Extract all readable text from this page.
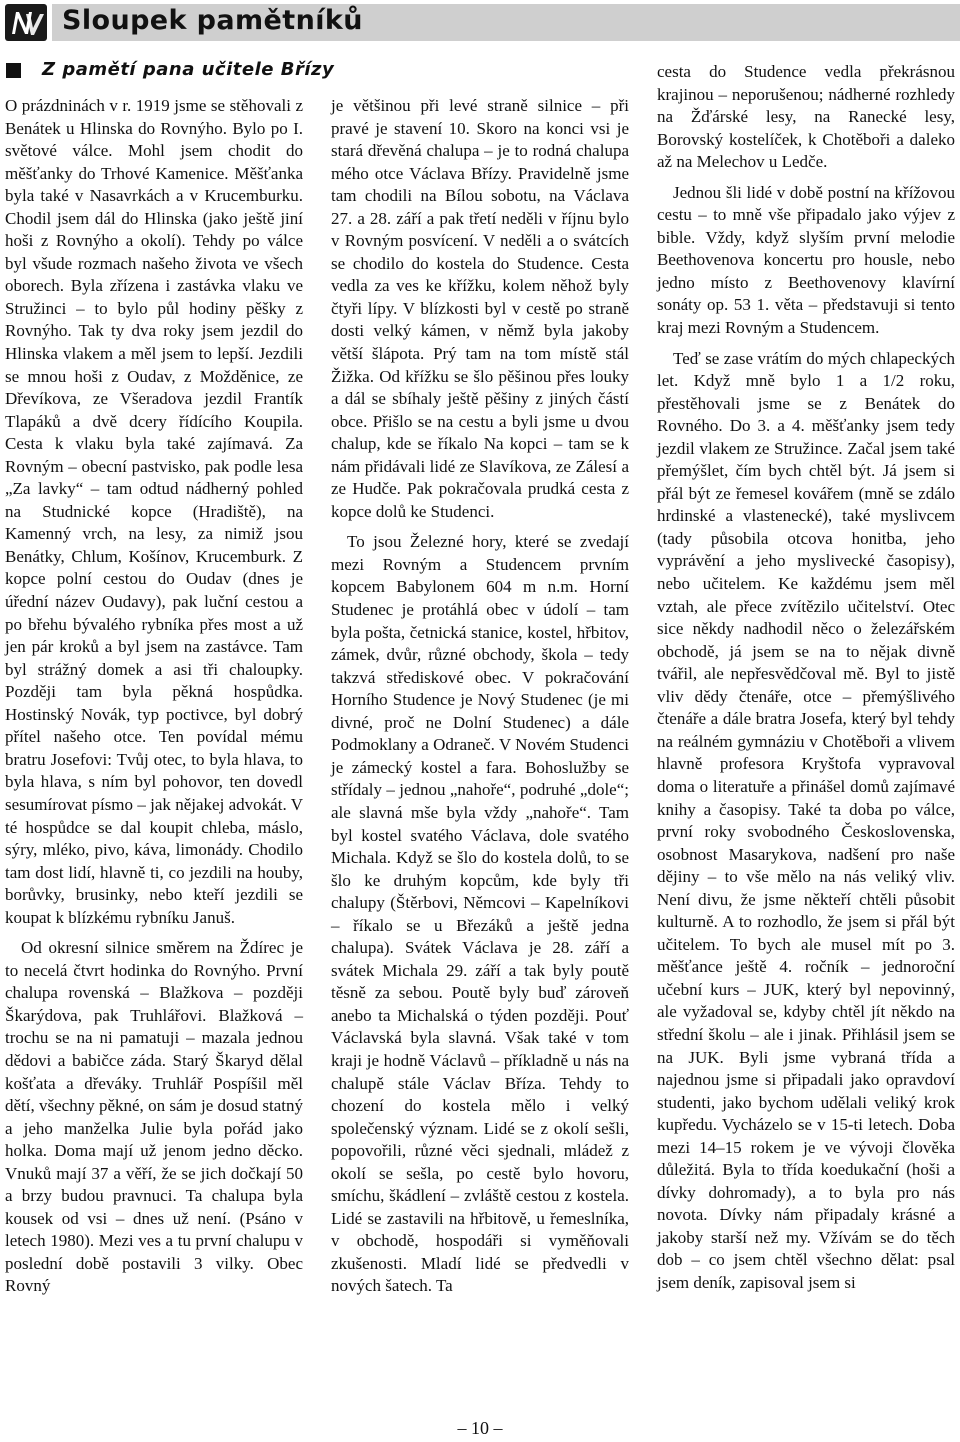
Sloupek pamětníků
Z pamětí pana učitele Břízy

O prázdninách v r. 1919 jsme se stěhovali z Benátek u Hlinska do Rovnýho. Bylo po I. světové válce. Mohl jsem chodit do měšťanky do Trhové Kamenice. Měšťanka byla také v Nasavrkách a v Krucemburku. Chodil jsem dál do Hlinska (jako ještě jiní hoši z Rovnýho a okolí). Tehdy po válce byl všude rozmach našeho života ve všech oborech. Byla zřízena i zastávka vlaku ve Stružinci – to bylo půl hodiny pěšky z Rovnýho. Tak ty dva roky jsem jezdil do Hlinska vlakem a měl jsem to lepší. Jezdili se mnou hoši z Oudav, z Možděnice, ze Dřevíkova, ze Všeradova jezdil Frantík Tlapáků a dvě dcery řídícího Koupila. Cesta k vlaku byla také zajímavá. Za Rovným – obecní pastvisko, pak podle lesa „Za lavky“ – tam odtud nádherný pohled na Studnické kopce (Hradiště), na Kamenný vrch, na lesy, za nimiž jsou Benátky, Chlum, Košínov, Krucemburk. Z kopce polní cestou do Oudav (dnes je úřední název Oudavy), pak luční cestou a po břehu bývalého rybníka přes most a už jen pár kroků a byl jsem na zastávce. Tam byl strážný domek a asi tři chaloupky. Později tam byla pěkná hospůdka. Hostinský Novák, typ poctivce, byl dobrý přítel našeho otce. Ten povídal mému bratru Josefovi: Tvůj otec, to byla hlava, to byla hlava, s ním byl pohovor, ten dovedl sesumírovat písmo – jak nějakej advokát. V té hospůdce se dal koupit chleba, máslo, sýry, mléko, pivo, káva, limonády. Chodilo tam dost lidí, hlavně ti, co jezdili na houby, borůvky, brusinky, nebo kteří jezdili se koupat k blízkému rybníku Januš.

Od okresní silnice směrem na Ždírec je to necelá čtvrt hodinka do Rovnýho. První chalupa rovenská – Blažkova – později Škarýdova, pak Truhlářovi. Blažková – trochu se na ni pamatuji – mazala jednou dědovi a babičce záda. Starý Škaryd dělal košťata a dřeváky. Truhlář Pospíšil měl dětí, všechny pěkné, on sám je dosud statný a jeho manželka Julie byla pořád jako holka. Doma mají už jenom jedno děcko. Vnuků mají 37 a věří, že se jich dočkají 50 a brzy budou pravnuci. Ta chalupa byla kousek od vsi – dnes už není. (Psáno v letech 1980). Mezi ves a tu první chalupu v poslední době postavili 3 vilky. Obec Rovný

je většinou při levé straně silnice – při pravé je stavení 10. Skoro na konci vsi je stará dřevěná chalupa – je to rodná chalupa mého otce Václava Břízy. Pravidelně jsme tam chodili na Bílou sobotu, na Václava 27. a 28. září a pak třetí neděli v říjnu bylo v Rovným posvícení. V neděli a o svátcích se chodilo do kostela do Studence. Cesta vedla za ves ke křížku, kolem něhož byly čtyři lípy. V blízkosti byl v cestě po straně dosti velký kámen, v němž byla jakoby větší šlápota. Prý tam na tom místě stál Žižka. Od křížku se šlo pěšinou přes louky a dál se sbíhaly ještě pěšiny z jiných částí obce. Přišlo se na cestu a byli jsme u dvou chalup, kde se říkalo Na kopci – tam se k nám přidávali lidé ze Slavíkova, ze Zálesí a ze Hudče. Pak pokračovala prudká cesta z kopce dolů ke Studenci.

To jsou Železné hory, které se zvedají mezi Rovným a Studencem prvním kopcem Babylonem 604 m n.m. Horní Studenec je protáhlá obec v údolí – tam byla pošta, četnická stanice, kostel, hřbitov, zámek, dvůr, různé obchody, škola – tedy takzvá střediskové obec. V pokračování Horního Studence je Nový Studenec (je mi divné, proč ne Dolní Studenec) a dále Podmoklany a Odraneč. V Novém Studenci je zámecký kostel a fara. Bohoslužby se střídaly – jednou „nahoře“, podruhé „dole“; ale slavná mše byla vždy „nahoře“. Tam byl kostel svatého Václava, dole svatého Michala. Když se šlo do kostela dolů, to se šlo ke druhým kopcům, kde byly tři chalupy (Štěrbovi, Němcovi – Kapelníkovi – říkalo se u Březáků a ještě jedna chalupa). Svátek Václava je 28. září a svátek Michala 29. září a tak byly poutě těsně za sebou. Poutě byly buď zároveň anebo ta Michalská o týden později. Pouť Václavská byla slavná. Však také v tom kraji je hodně Václavů – příkladně u nás na chalupě stále Václav Bříza. Tehdy to chození do kostela mělo i velký společenský význam. Lidé se z okolí sešli, popovořili, různé věci sjednali, mládež z okolí se sešla, po cestě bylo hovoru, smíchu, škádlení – zvláště cestou z kostela. Lidé se zastavili na hřbitově, u řemeslníka, v obchodě, hospodáři si vyměňovali zkušenosti. Mladí lidé se předvedli v nových šatech. Ta

cesta do Studence vedla překrásnou krajinou – neporušenou; nádherné rozhledy na Žďárské lesy, na Ranecké lesy, Borovský kostelíček, k Chotěboři a daleko až na Melechov u Ledče.

Jednou šli lidé v době postní na křížovou cestu – to mně vše připadalo jako výjev z bible. Vždy, když slyším první melodie Beethovenova koncertu pro housle, nebo jedno místo z Beethovenovy klavírní sonáty op. 53 1. věta – představuji si tento kraj mezi Rovným a Studencem.

Teď se zase vrátím do mých chlapeckých let. Když mně bylo 1 a 1/2 roku, přestěhovali jsme se z Benátek do Rovného. Do 3. a 4. měšťanky jsem tedy jezdil vlakem ze Stružince. Začal jsem také přemýšlet, čím bych chtěl být. Já jsem si přál být ze řemesel kovářem (mně se zdálo hrdinské a vlastenecké), také myslivcem (tady působila otcova honitba, jeho vyprávění a jeho myslivecké časopisy), nebo učitelem. Ke každému jsem měl vztah, ale přece zvítězilo učitelství. Otec sice někdy nadhodil něco o železářském obchodě, já jsem se na to nějak divně tvářil, ale nepřesvědčoval mě. Byl to jistě vliv dědy čtenáře, otce – přemýšlivého čtenáře a dále bratra Josefa, který byl tehdy na reálném gymnáziu v Chotěboři a vlivem hlavně profesora Kryštofa vypravoval doma o literatuře a přinášel domů zajímavé knihy a časopisy. Také ta doba po válce, první roky svobodného Československa, osobnost Masarykova, nadšení pro naše dějiny – to vše mělo na nás veliký vliv. Není divu, že jsme někteří chtěli působit kulturně. A to rozhodlo, že jsem si přál být učitelem. To bych ale musel mít po 3. měšťance ještě 4. ročník – jednoroční učební kurs – JUK, který byl nepovinný, ale vyžadoval se, kdyby chtěl jít někdo na střední školu – ale i jinak. Přihlásil jsem se na JUK. Byli jsme vybraná třída a najednou jsme si připadali jako opravdoví studenti, jako bychom udělali veliký krok kupředu. Vycházelo se v 15-ti letech. Doba mezi 14–15 rokem je ve vývoji člověka důležitá. Byla to třída koedukační (hoši a dívky dohromady), a to byla pro nás novota. Dívky nám připadaly krásné a jakoby starší než my. Vžívám se do těch dob – co jsem chtěl všechno dělat: psal jsem deník, zapisoval jsem si

– 10 –
